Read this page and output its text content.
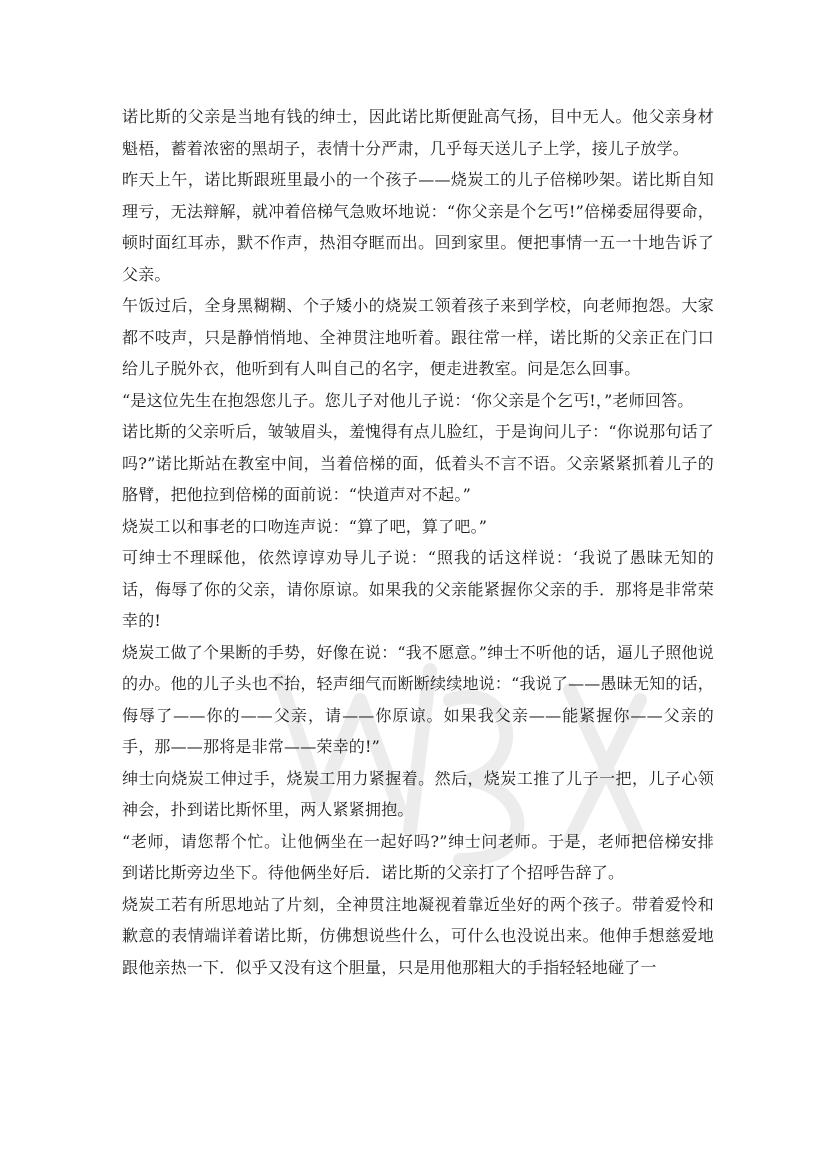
诺比斯的父亲是当地有钱的绅士，因此诺比斯便趾高气扬，目中无人。他父亲身材魁梧，蓄着浓密的黑胡子，表情十分严肃，几乎每天送儿子上学，接儿子放学。

昨天上午，诺比斯跟班里最小的一个孩子——烧炭工的儿子倍梯吵架。诺比斯自知理亏，无法辩解，就冲着倍梯气急败坏地说：“你父亲是个乞丐!”倍梯委屈得要命，顿时面红耳赤，默不作声，热泪夺眶而出。回到家里。便把事情一五一十地告诉了父亲。

午饭过后，全身黑糊糊、个子矮小的烧炭工领着孩子来到学校，向老师抱怨。大家都不吱声，只是静悄悄地、全神贯注地听着。跟往常一样，诺比斯的父亲正在门口给儿子脱外衣，他听到有人叫自己的名字，便走进教室。问是怎么回事。

“是这位先生在抱怨您儿子。您儿子对他儿子说：‘你父亲是个乞丐!，”老师回答。

诺比斯的父亲听后，皱皱眉头，羞愧得有点儿脸红，于是询问儿子：“你说那句话了吗?”诺比斯站在教室中间，当着倍梯的面，低着头不言不语。父亲紧紧抓着儿子的胳臂，把他拉到倍梯的面前说：“快道声对不起。”

烧炭工以和事老的口吻连声说：“算了吧，算了吧。”

可绅士不理睬他，依然谆谆劝导儿子说：“照我的话这样说：‘我说了愚昧无知的话，侮辱了你的父亲，请你原谅。如果我的父亲能紧握你父亲的手．那将是非常荣幸的!

烧炭工做了个果断的手势，好像在说：“我不愿意。”绅士不听他的话，逼儿子照他说的办。他的儿子头也不抬，轻声细气而断断续续地说：“我说了——愚昧无知的话，侮辱了——你的——父亲，请——你原谅。如果我父亲——能紧握你——父亲的手，那——那将是非常——荣幸的!”

绅士向烧炭工伸过手，烧炭工用力紧握着。然后，烧炭工推了儿子一把，儿子心领神会，扑到诺比斯怀里，两人紧紧拥抱。

“老师，请您帮个忙。让他俩坐在一起好吗?”绅士问老师。于是，老师把倍梯安排到诺比斯旁边坐下。待他俩坐好后．诺比斯的父亲打了个招呼告辞了。

烧炭工若有所思地站了片刻，全神贯注地凝视着靠近坐好的两个孩子。带着爱怜和歉意的表情端详着诺比斯，仿佛想说些什么，可什么也没说出来。他伸手想慈爱地跟他亲热一下．似乎又没有这个胆量，只是用他那粗大的手指轻轻地碰了一
